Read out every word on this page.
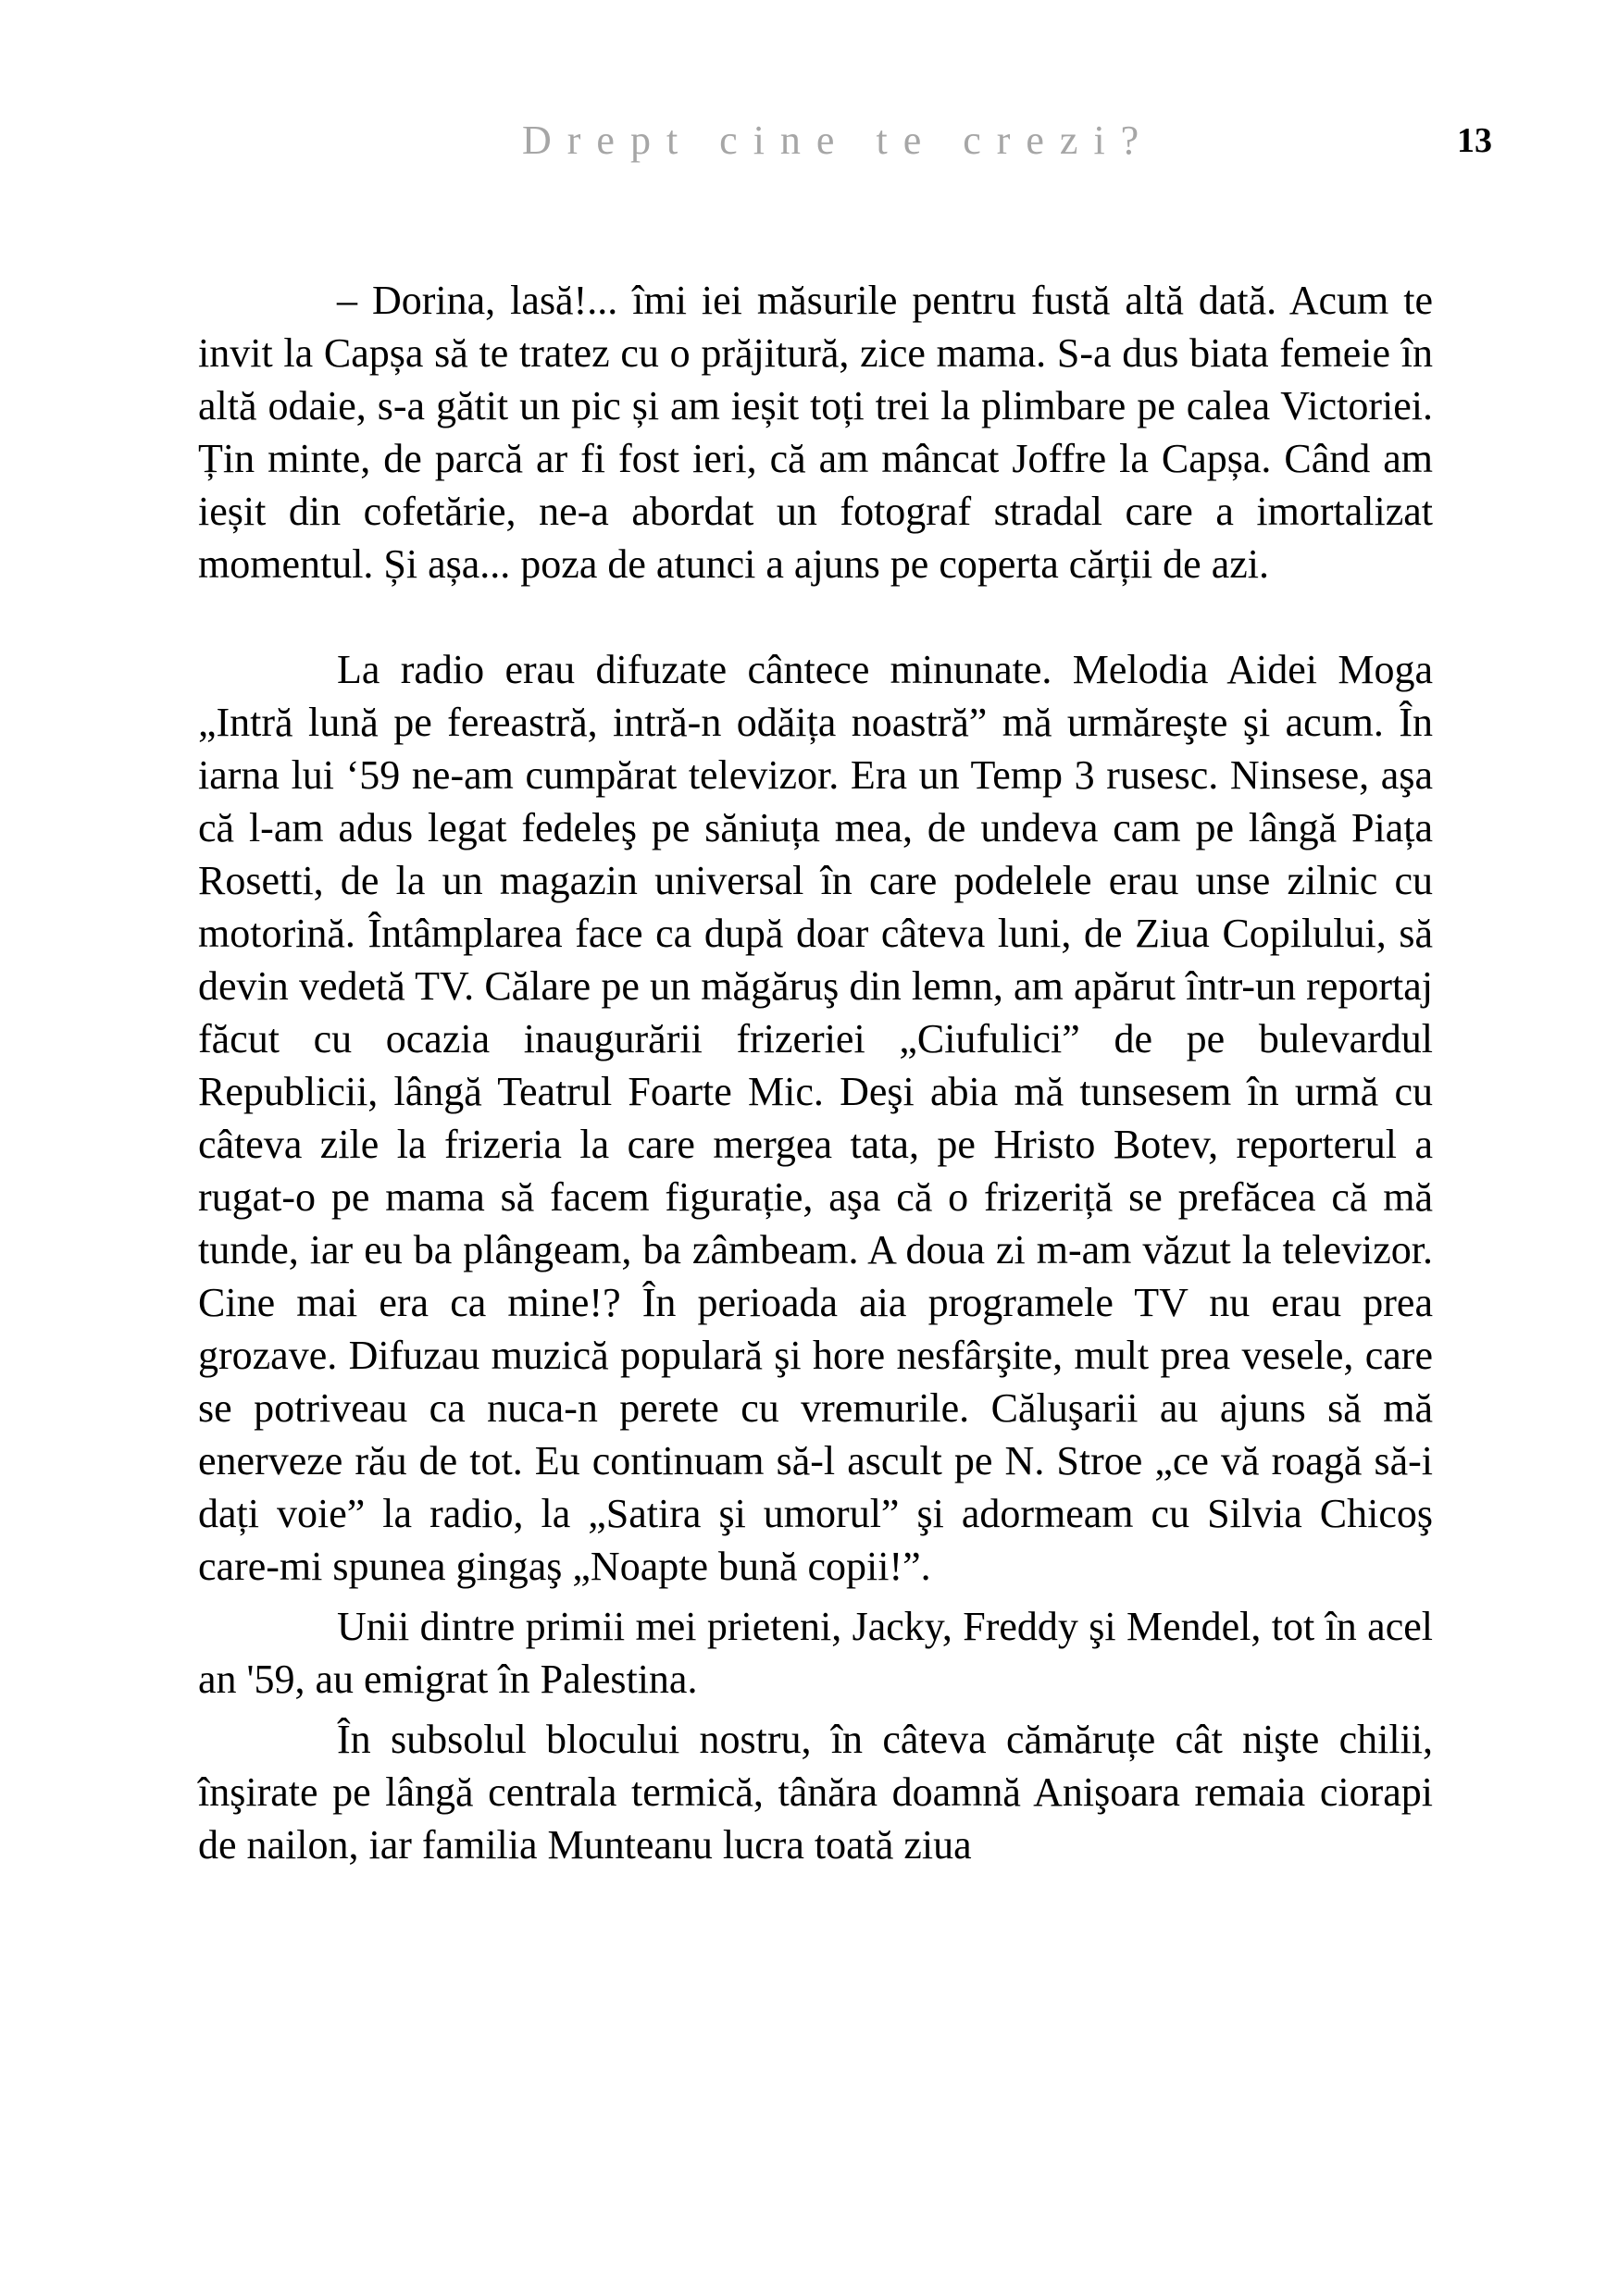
Drept cine te crezi?	13

– Dorina, lasă!... îmi iei măsurile pentru fustă altă dată. Acum te invit la Capșa să te tratez cu o prăjitură, zice mama. S-a dus biata femeie în altă odaie, s-a gătit un pic și am ieșit toți trei la plimbare pe calea Victoriei. Țin minte, de parcă ar fi fost ieri, că am mâncat Joffre la Capșa. Când am ieșit din cofetărie, ne-a abordat un fotograf stradal care a imortalizat momentul. Și așa... poza de atunci a ajuns pe coperta cărții de azi.

La radio erau difuzate cântece minunate. Melodia Aidei Moga „Intră lună pe fereastră, intră-n odăița noastră” mă urmăreşte şi acum. În iarna lui ‘59 ne-am cumpărat televizor. Era un Temp 3 rusesc. Ninsese, aşa că l-am adus legat fedeleş pe săniuța mea, de undeva cam pe lângă Piața Rosetti, de la un magazin universal în care podelele erau unse zilnic cu motorină. Întâmplarea face ca după doar câteva luni, de Ziua Copilului, să devin vedetă TV. Călare pe un măgăruş din lemn, am apărut într-un reportaj făcut cu ocazia inaugurării frizeriei „Ciufulici” de pe bulevardul Republicii, lângă Teatrul Foarte Mic. Deşi abia mă tunsesem în urmă cu câteva zile la frizeria la care mergea tata, pe Hristo Botev, reporterul a rugat-o pe mama să facem figurație, aşa că o frizeriță se prefăcea că mă tunde, iar eu ba plângeam, ba zâmbeam. A doua zi m-am văzut la televizor. Cine mai era ca mine!? În perioada aia programele TV nu erau prea grozave. Difuzau muzică populară şi hore nesfârşite, mult prea vesele, care se potriveau ca nuca-n perete cu vremurile. Căluşarii au ajuns să mă enerveze rău de tot. Eu continuam să-l ascult pe N. Stroe „ce vă roagă să-i dați voie” la radio, la „Satira şi umorul” şi adormeam cu Silvia Chicoş care-mi spunea gingaş „Noapte bună copii!”.

Unii dintre primii mei prieteni, Jacky, Freddy şi Mendel, tot în acel an '59, au emigrat în Palestina.

În subsolul blocului nostru, în câteva cămăruțe cât nişte chilii, înşirate pe lângă centrala termică, tânăra doamnă Anişoara remaia ciorapi de nailon, iar familia Munteanu lucra toată ziua
